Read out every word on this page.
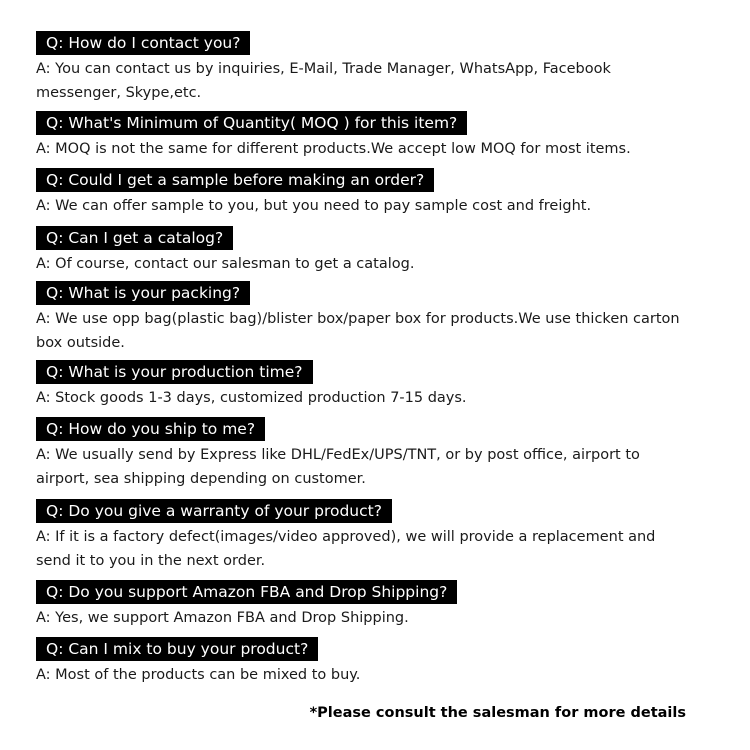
Q: How do I contact you?
A: You can contact us by inquiries, E-Mail, Trade Manager, WhatsApp, Facebook messenger, Skype,etc.
Q: What's Minimum of Quantity( MOQ ) for this item?
A: MOQ is not the same for different products.We accept low MOQ for most items.
Q: Could I get a sample before making an order?
A: We can offer sample to you, but you need to pay sample cost and freight.
Q: Can I get a catalog?
A: Of course, contact our salesman to get a catalog.
Q: What is your packing?
A: We use opp bag(plastic bag)/blister box/paper box for products.We use thicken carton box outside.
Q: What is your production time?
A: Stock goods 1-3 days, customized production 7-15 days.
Q: How do you ship to me?
A: We usually send by Express like DHL/FedEx/UPS/TNT, or by post office, airport to airport, sea shipping depending on customer.
Q: Do you give a warranty of your product?
A: If it is a factory defect(images/video approved), we will provide a replacement and send it to you in the next order.
Q: Do you support Amazon FBA and Drop Shipping?
A: Yes, we support Amazon FBA and Drop Shipping.
Q: Can I mix to buy your product?
A: Most of the products can be mixed to buy.
*Please consult the salesman for more details
